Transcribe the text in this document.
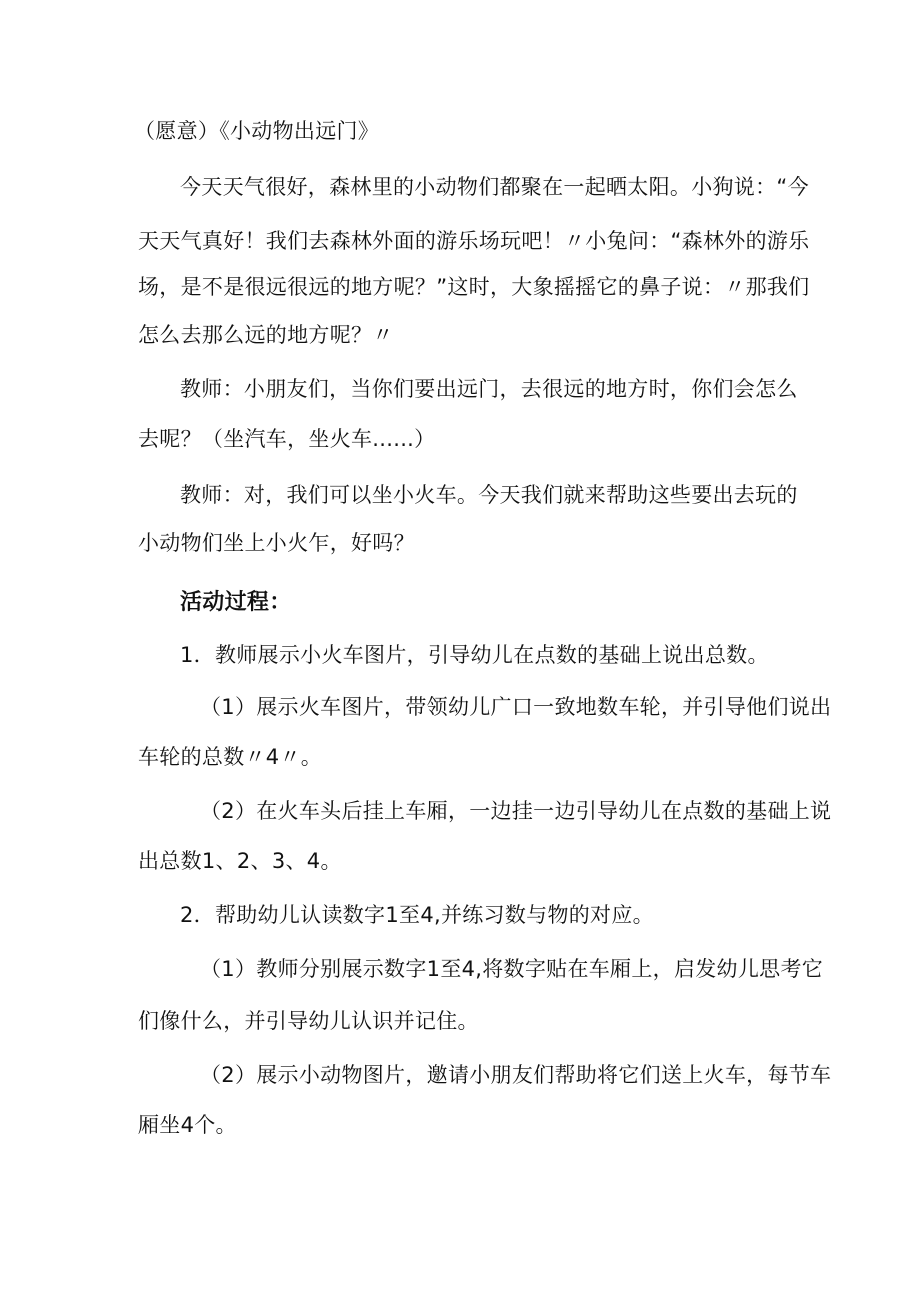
（愿意）《小动物出远门》
今天天气很好，森林里的小动物们都聚在一起晒太阳。小狗说：“今
天天气真好！我们去森林外面的游乐场玩吧！〃小兔问：“森林外的游乐
场，是不是很远很远的地方呢？”这时，大象摇摇它的鼻子说：〃那我们
怎么去那么远的地方呢？〃
教师：小朋友们，当你们要出远门，去很远的地方时，你们会怎么
去呢？（坐汽车，坐火车......）
教师：对，我们可以坐小火车。今天我们就来帮助这些要出去玩的
小动物们坐上小火乍，好吗？
活动过程：
1．教师展示小火车图片，引导幼儿在点数的基础上说出总数。
（1）展示火车图片，带领幼儿广口一致地数车轮，并引导他们说出
车轮的总数〃4〃。
（2）在火车头后挂上车厢，一边挂一边引导幼儿在点数的基础上说
出总数1、2、3、4。
2．帮助幼儿认读数字1至4,并练习数与物的对应。
（1）教师分别展示数字1至4,将数字贴在车厢上，启发幼儿思考它
们像什么，并引导幼儿认识并记住。
（2）展示小动物图片，邀请小朋友们帮助将它们送上火车，每节车
厢坐4个。
